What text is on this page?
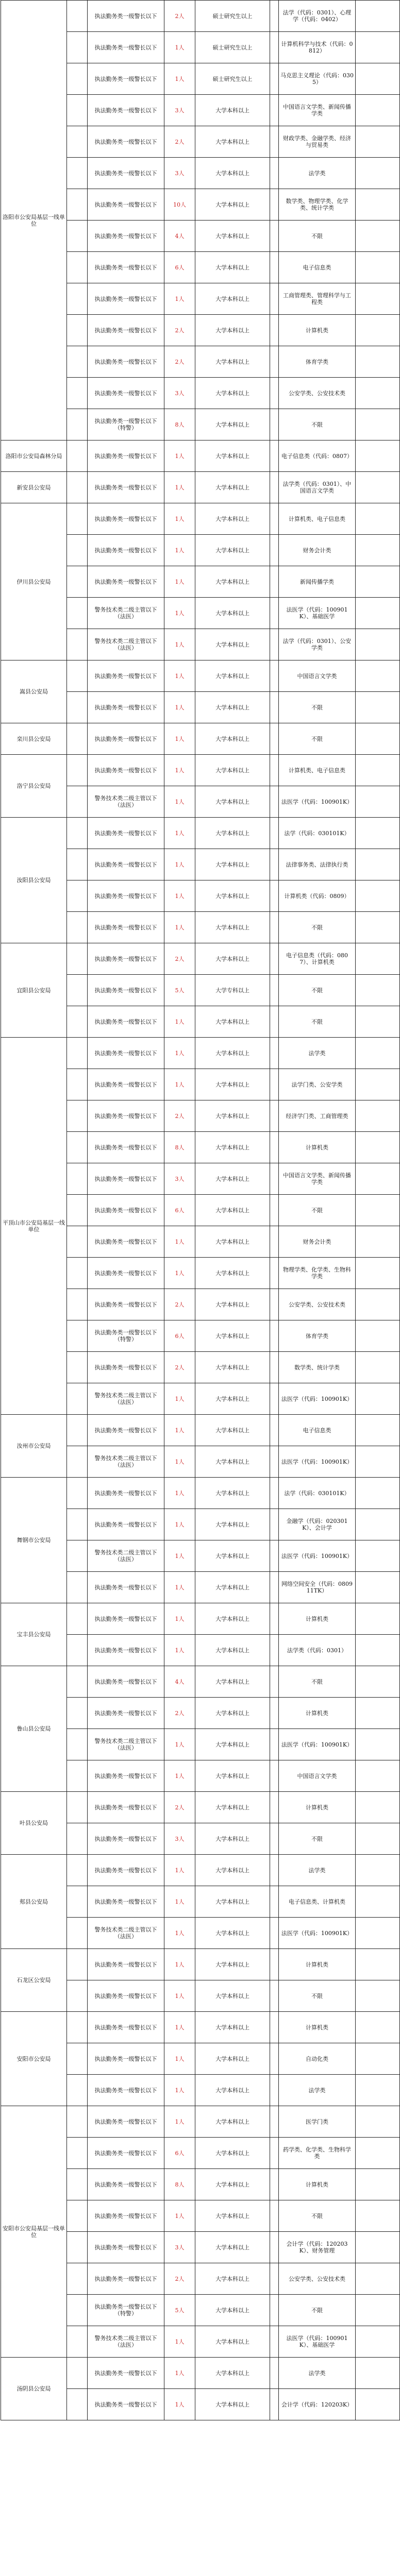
洛阳市公安局基层一线单位		执法勤务类一级警长以下	2人	硕士研究生以上		法学（代码：0301）、心理学（代码：0402）	
		执法勤务类一级警长以下	1人	硕士研究生以上		计算机科学与技术（代码：0812）	
		执法勤务类一级警长以下	1人	硕士研究生以上		马克思主义理论（代码：0305）	
		执法勤务类一级警长以下	3人	大学本科以上		中国语言文学类、新闻传播学类	
		执法勤务类一级警长以下	2人	大学本科以上		财政学类、金融学类、经济与贸易类	
		执法勤务类一级警长以下	3人	大学本科以上		法学类	
		执法勤务类一级警长以下	10人	大学本科以上		数学类、物理学类、化学类、统计学类	
		执法勤务类一级警长以下	4人	大学本科以上		不限	
		执法勤务类一级警长以下	6人	大学本科以上		电子信息类	
		执法勤务类一级警长以下	1人	大学本科以上		工商管理类、管理科学与工程类	
		执法勤务类一级警长以下	2人	大学本科以上		计算机类	
		执法勤务类一级警长以下	2人	大学本科以上		体育学类	
		执法勤务类一级警长以下	3人	大学本科以上		公安学类、公安技术类	
		执法勤务类一级警长以下（特警）	8人	大学本科以上		不限	
洛阳市公安局森林分局		执法勤务类一级警长以下	1人	大学本科以上		电子信息类（代码：0807）	
新安县公安局		执法勤务类一级警长以下	1人	大学本科以上		法学类（代码：0301）、中国语言文学类	
伊川县公安局		执法勤务类一级警长以下	1人	大学本科以上		计算机类、电子信息类	
		执法勤务类一级警长以下	1人	大学本科以上		财务会计类	
		执法勤务类一级警长以下	1人	大学本科以上		新闻传播学类	
		警务技术类二级主管以下（法医）	1人	大学本科以上		法医学（代码：100901K）、基础医学	
		警务技术类二级主管以下（法医）	1人	大学本科以上		法学（代码：0301）、公安学类	
嵩县公安局		执法勤务类一级警长以下	1人	大学本科以上		中国语言文学类	
		执法勤务类一级警长以下	1人	大学本科以上		不限	
栾川县公安局		执法勤务类一级警长以下	1人	大学本科以上		不限	
洛宁县公安局		执法勤务类一级警长以下	1人	大学本科以上		计算机类、电子信息类	
		警务技术类二级主管以下（法医）	1人	大学本科以上		法医学（代码：100901K）	
汝阳县公安局		执法勤务类一级警长以下	1人	大学本科以上		法学（代码：030101K）	
		执法勤务类一级警长以下	1人	大学本科以上		法律事务类、法律执行类	
		执法勤务类一级警长以下	1人	大学本科以上		计算机类（代码：0809）	
		执法勤务类一级警长以下	1人	大学本科以上		不限	
宜阳县公安局		执法勤务类一级警长以下	2人	大学本科以上		电子信息类（代码：0807）、计算机类	
		执法勤务类一级警长以下	5人	大学专科以上		不限	
		执法勤务类一级警长以下	1人	大学本科以上		不限	
平顶山市公安局基层一线单位		执法勤务类一级警长以下	1人	大学本科以上		法学类	
		执法勤务类一级警长以下	1人	大学本科以上		法学门类、公安学类	
		执法勤务类一级警长以下	2人	大学本科以上		经济学门类、工商管理类	
		执法勤务类一级警长以下	8人	大学本科以上		计算机类	
		执法勤务类一级警长以下	3人	大学本科以上		中国语言文学类、新闻传播学类	
		执法勤务类一级警长以下	6人	大学本科以上		不限	
		执法勤务类一级警长以下	1人	大学本科以上		财务会计类	
		执法勤务类一级警长以下	1人	大学本科以上		物理学类、化学类、生物科学类	
		执法勤务类一级警长以下	2人	大学本科以上		公安学类、公安技术类	
		执法勤务类一级警长以下（特警）	6人	大学本科以上		体育学类	
		执法勤务类一级警长以下	2人	大学本科以上		数学类、统计学类	
		警务技术类二级主管以下（法医）	1人	大学本科以上		法医学（代码：100901K）	
汝州市公安局		执法勤务类一级警长以下	1人	大学本科以上		电子信息类	
		警务技术类二级主管以下（法医）	1人	大学本科以上		法医学（代码：100901K）	
舞钢市公安局		执法勤务类一级警长以下	1人	大学本科以上		法学（代码：030101K）	
		执法勤务类一级警长以下	1人	大学本科以上		金融学（代码：020301K）、会计学	
		警务技术类二级主管以下（法医）	1人	大学本科以上		法医学（代码：100901K）	
		执法勤务类一级警长以下	1人	大学本科以上		网络空间安全（代码：080911TK）	
宝丰县公安局		执法勤务类一级警长以下	1人	大学本科以上		计算机类	
		执法勤务类一级警长以下	1人	大学本科以上		法学类（代码：0301）	
鲁山县公安局		执法勤务类一级警长以下	4人	大学本科以上		不限	
		执法勤务类一级警长以下	2人	大学本科以上		计算机类	
		警务技术类二级主管以下（法医）	1人	大学本科以上		法医学（代码：100901K）	
		执法勤务类一级警长以下	1人	大学本科以上		中国语言文学类	
叶县公安局		执法勤务类一级警长以下	2人	大学本科以上		计算机类	
		执法勤务类一级警长以下	3人	大学本科以上		不限	
郏县公安局		执法勤务类一级警长以下	1人	大学本科以上		法学类	
		执法勤务类一级警长以下	1人	大学本科以上		电子信息类、计算机类	
		警务技术类二级主管以下（法医）	1人	大学本科以上		法医学（代码：100901K）	
石龙区公安局		执法勤务类一级警长以下	1人	大学本科以上		计算机类	
		执法勤务类一级警长以下	1人	大学本科以上		不限	
安阳市公安局		执法勤务类一级警长以下	1人	大学本科以上		计算机类	
		执法勤务类一级警长以下	1人	大学本科以上		自动化类	
		执法勤务类一级警长以下	1人	大学本科以上		法学类	
安阳市公安局基层一线单位		执法勤务类一级警长以下	1人	大学本科以上		医学门类	
		执法勤务类一级警长以下	6人	大学本科以上		药学类、化学类、生物科学类	
		执法勤务类一级警长以下	8人	大学本科以上		计算机类	
		执法勤务类一级警长以下	1人	大学本科以上		不限	
		执法勤务类一级警长以下	3人	大学本科以上		会计学（代码：120203K）、财务管理	
		执法勤务类一级警长以下	2人	大学本科以上		公安学类、公安技术类	
		执法勤务类一级警长以下（特警）	5人	大学本科以上		不限	
		警务技术类二级主管以下（法医）	1人	大学本科以上		法医学（代码：100901K）、基础医学	
汤阴县公安局		执法勤务类一级警长以下	1人	大学本科以上		法学类	
		执法勤务类一级警长以下	1人	大学本科以上		会计学（代码：120203K）	
